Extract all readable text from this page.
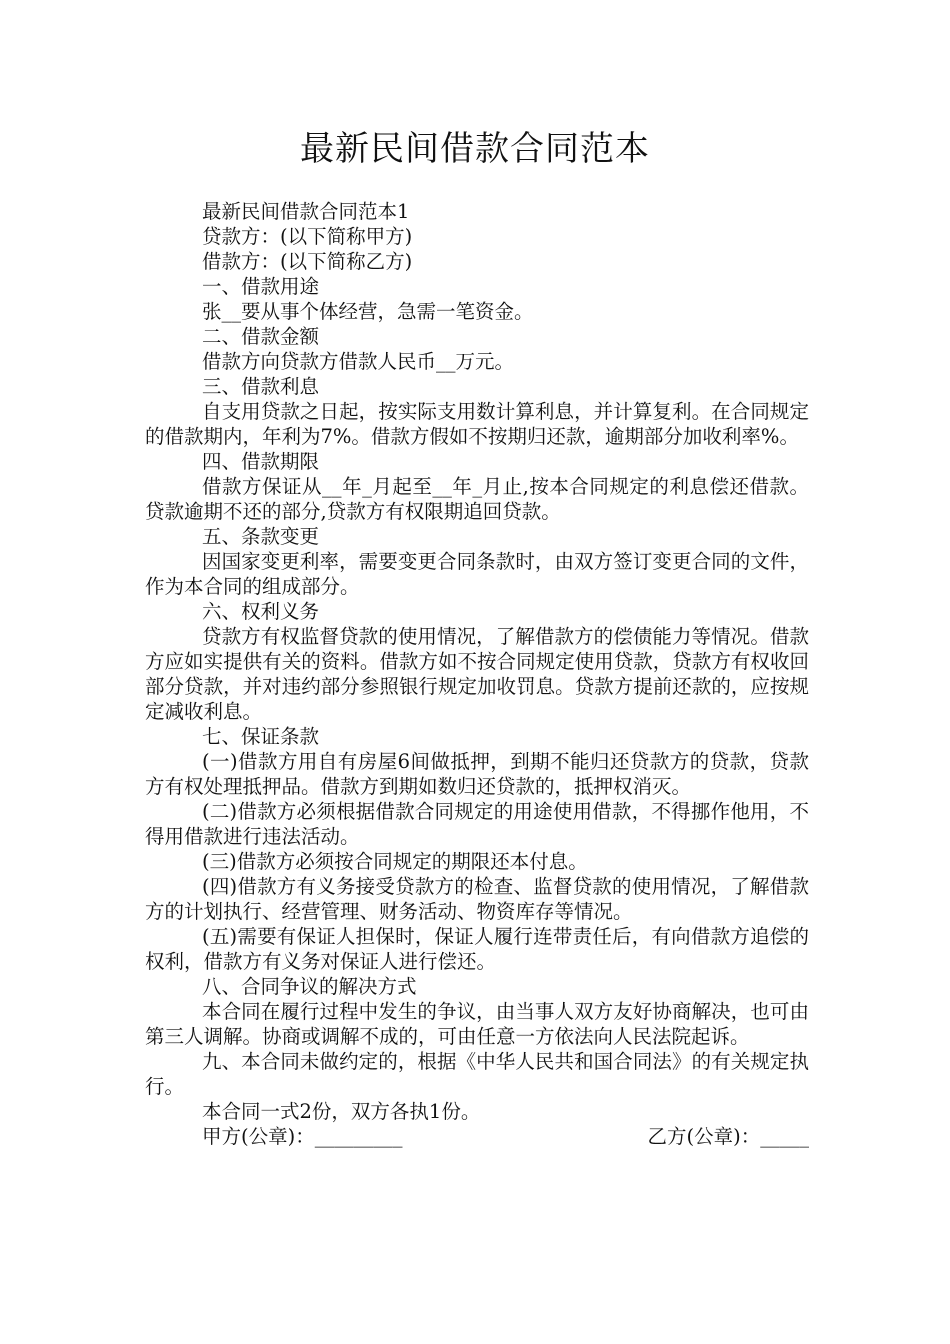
最新民间借款合同范本

最新民间借款合同范本1

贷款方：(以下简称甲方)

借款方：(以下简称乙方)

一、借款用途

张__要从事个体经营，急需一笔资金。

二、借款金额

借款方向贷款方借款人民币__万元。

三、借款利息

自支用贷款之日起，按实际支用数计算利息，并计算复利。在合同规定的借款期内，年利为7%。借款方假如不按期归还款，逾期部分加收利率%。

四、借款期限

借款方保证从__年_月起至__年_月止,按本合同规定的利息偿还借款。贷款逾期不还的部分,贷款方有权限期追回贷款。

五、条款变更

因国家变更利率，需要变更合同条款时，由双方签订变更合同的文件，作为本合同的组成部分。

六、权利义务

贷款方有权监督贷款的使用情况，了解借款方的偿债能力等情况。借款方应如实提供有关的资料。借款方如不按合同规定使用贷款，贷款方有权收回部分贷款，并对违约部分参照银行规定加收罚息。贷款方提前还款的，应按规定减收利息。

七、保证条款

(一)借款方用自有房屋6间做抵押，到期不能归还贷款方的贷款，贷款方有权处理抵押品。借款方到期如数归还贷款的，抵押权消灭。

(二)借款方必须根据借款合同规定的用途使用借款，不得挪作他用，不得用借款进行违法活动。

(三)借款方必须按合同规定的期限还本付息。

(四)借款方有义务接受贷款方的检查、监督贷款的使用情况，了解借款方的计划执行、经营管理、财务活动、物资库存等情况。

(五)需要有保证人担保时，保证人履行连带责任后，有向借款方追偿的权利，借款方有义务对保证人进行偿还。

八、合同争议的解决方式

本合同在履行过程中发生的争议，由当事人双方友好协商解决，也可由第三人调解。协商或调解不成的，可由任意一方依法向人民法院起诉。

九、本合同未做约定的，根据《中华人民共和国合同法》的有关规定执行。

本合同一式2份，双方各执1份。

甲方(公章)：_________	乙方(公章)：_____
